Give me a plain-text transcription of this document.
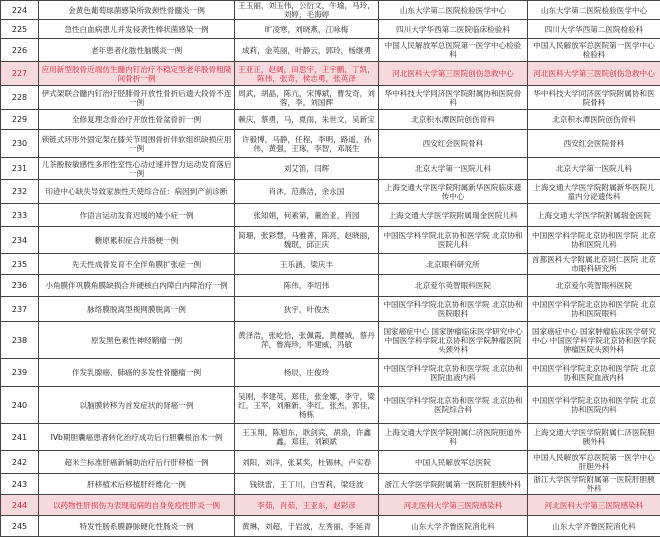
224	金黄色葡萄球菌感染所致颈性骨髓炎一例	王玉丽，刘玉伟，公衍文，牛瑜，马玲，刘婷，毛海婷	山东大学第二医院检验医学中心	山东大学第二医院检验医学中心
225	急性白血病患儿并发侵袭性棒状菌感染一例	旷凌寒，刘晓燕，江咏梅	四川大学华西第二医院临床检验科	四川大学华西第二医院检验科
226	老年患者化脓性脑膜炎一例	成莉，金英丽，叶静云，郭玲，杨继勇	中国人民解放军总医院第一医学中心检验科	中国人民解放军总医院第一医学中心检验科
227	应用新型胶骨近端仿生髓内钉治疗不稳定型老年股骨粗隆间骨折一例	王亚正，赵阔，田思宇，王宇鹏，丁凯，陈伟，张奇，侯志勇，张英泽	河北医科大学第三医院创伤急救中心	河北医科大学第三医院创伤急救中心
228	伊式架联合髓内钉治疗胫腓骨开放性骨折后遗大段骨不连一例	周武，胡晶，陈亢，宋博斌，曹发奇，刘蓉，李，刘国辉	华中科技大学同济医学院附属协和医院骨科	华中科技大学同济医学院附属协和医院骨科
229	全修复理念骨治疗开放性骨盆骨折一例	赖庆，蔡勇，马，夏雨，朱世文，吴新宝	北京积水潭医院创伤骨科	北京积水潭医院创伤骨科
230	锁链式环形外固定架在膝关节周围骨折伴软组织缺损应用一例	许毅博，马静，任程，李明，路遥，孙伟，黄强，王琢，李智，邓展生	西安红会医院骨科	西安红会医院骨科
231	儿茶酚胺敏感性多形性室性心动过速并智力运动发育落后一例	刘艾笛，闫辉	北京大学第一医院儿科	北京大学第一医院儿科
232	印迹中心缺失导致家族性天使综合征：病因到产前诊断	肖沐，范燕洁，余永国	上海交通大学医学院附属新华医院临床遗传中心	上海交通大学医学院附属新华医院儿童内分泌遗传科
233	作语言运动发育迟缓的矮小症一例	张知娟，何素第，董治亚，肖园	上海交通大学医学院附属瑞金医院儿科	上海交通大学医学院附属瑞金医院
234	糖原累积症合并肠梗一例	简珊，张彩慧，马雅菁，陈亮，赵晓丽，魏珉，邱正庆	中国医学科学院北京协和医学院 北京协和医院儿科	中国医学科学院北京协和医学院 北京协和医院儿科
235	先天性成骨发育不全伴角膜扩张症一例	王乐涵，梁庆丰	北京眼科研究所	首都医科大学附属北京同仁医院 北京市眼科研究所
236	小角膜伴巩膜角膜缺损合并硬核白内障白内障治疗一例	陈伟，李绍伟	北京爱尔英智眼科医院	北京爱尔英智眼科医院
237	脉络膜脱离型视网膜脱离一例	狄宇，叶俊杰	中国医学科学院北京协和医学院 北京协和医院眼科	中国医学科学院北京协和医学院 北京协和医院眼科
238	原发黑色素性神经鞘瘤一例	黄泽浩，张屹恰，张佩霞，黄樱城，蔡丹萍，鲁海珍，毕建威，冯敏	国家癌症中心 国家肿瘤临床医学研究中心 中国医学科学院北京协和医学院肿瘤医院头颈外科	国家癌症中心 国家肿瘤临床医学研究中心 中国医学科学院北京协和医学院肿瘤医院头颈外科
239	伴发乳腺癌、肺癌的多发性骨髓瘤一例	杨辰，庄俊玲	中国医学科学院北京协和医学院 北京协和医院血液内科	中国医学科学院北京协和医学院 北京协和医院血液内科
240	以脑膜转移为首发症状的肾癌一例	吴刚，李建英，郑佳，张金娜，李守，梁红，王军，刘雁新，李红，张杰，郭佳，杨栋	中国医学科学院北京协和医学院 北京协和医院综合科	中国医学科学院北京协和医学院 北京协和医院内科
241	IVb期胆囊癌患者转化治疗成功后行胆囊根治术一例	王玉翔，陈旭东，耿剑宾，胡泉，许鑫鑫，郑佳，刘颖斌	上海交通大学医学院附属仁济医院胆道外科	上海交通大学医学院附属仁济医院胆胰外科
242	超米兰标准肝癌新辅助治疗后行肝移植一例	刘阳，刘洋，张某奖，杜锡林，卢实春	中国人民解放军总医院	中国人民解放军总医院第一医学中心肝胆外科
243	肝移植术后移植肝纤维化一例	钱铁雷，王丁川，白雪莉，梁廷波	浙江大学医学院附属第一医院肝胆胰外科	浙江大学医学院附属第一医院肝胆胰外科
244	以药物性肝损伤为表现起病的自身免疫性肝炎一例	李茹，肖茹，王亚东，赵彩彦	河北医科大学第三医院感染科	河北医科大学第三医院感染科
245	特发性肠系膜静脉硬化性肠炎一例	黄琳，刘超，于岩波，左秀丽，李延青	山东大学齐鲁医院消化科	山东大学齐鲁医院消化科
